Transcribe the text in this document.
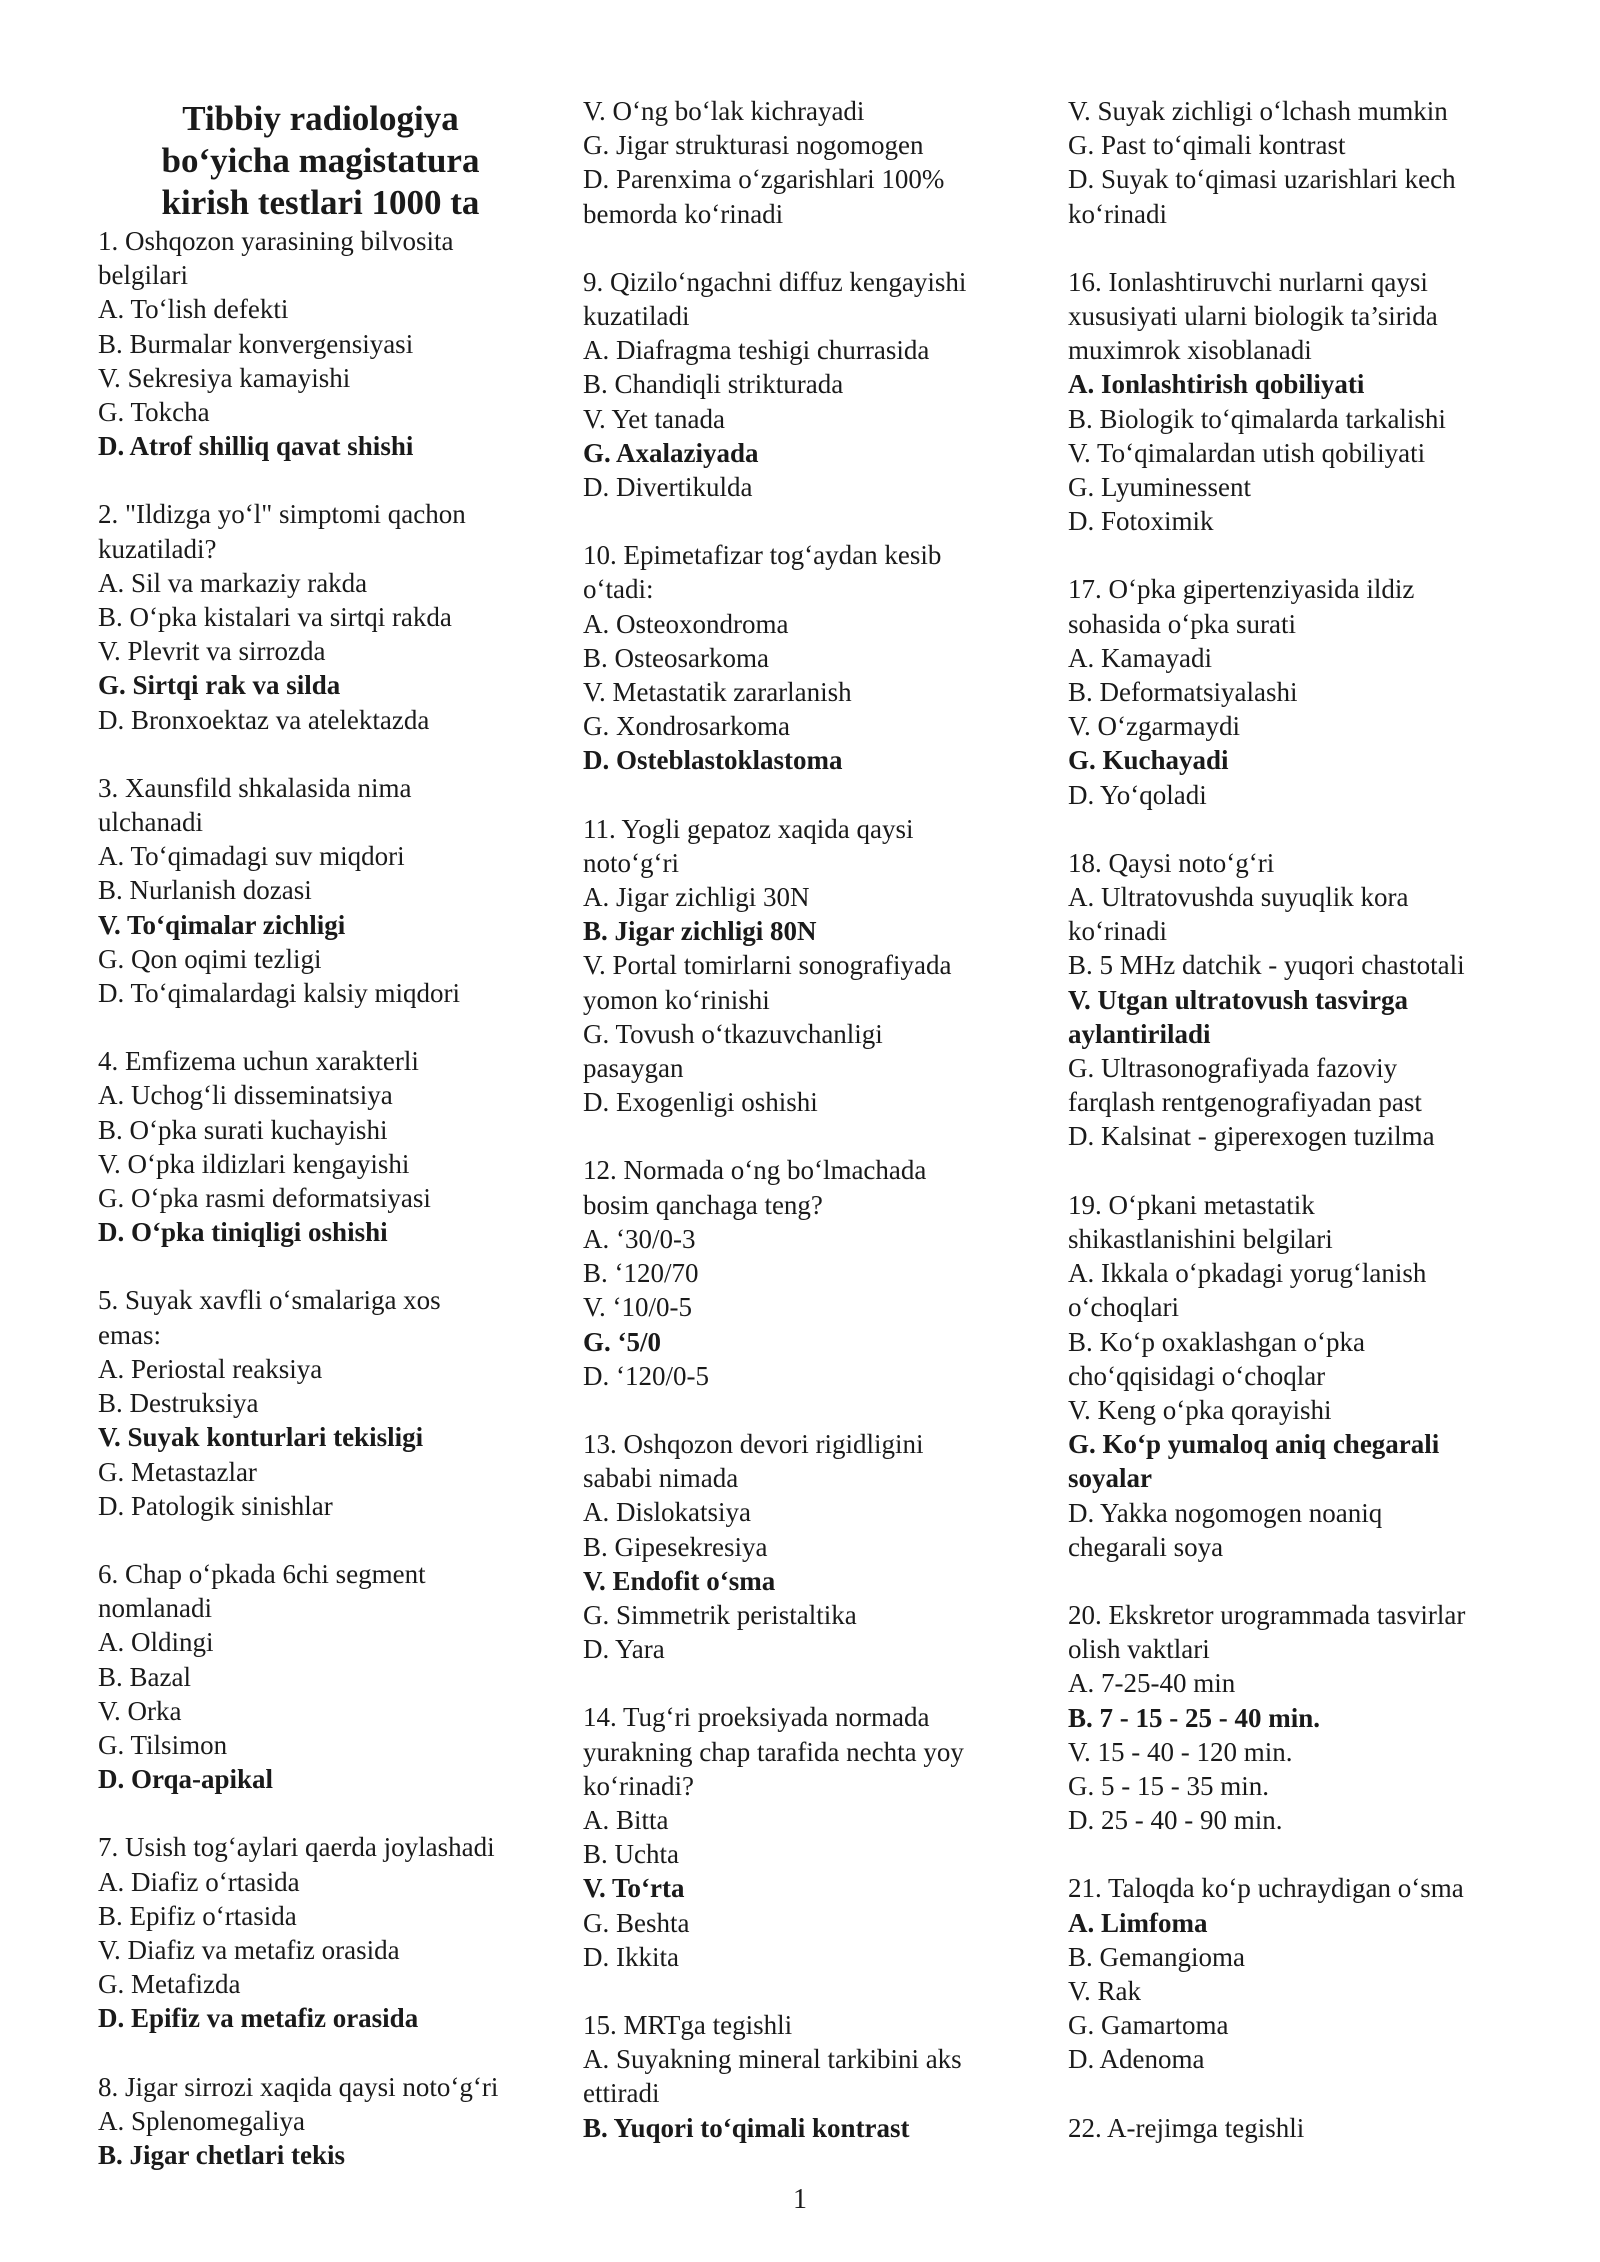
Tibbiy radiologiya
bo‘yicha magistatura
kirish testlari 1000 ta
1. Oshqozon yarasining bilvosita
belgilari
A. To‘lish defekti
B. Burmalar konvergensiyasi
V. Sekresiya kamayishi
G. Tokcha
D. Atrof shilliq qavat shishi
2. "Ildizga yo‘l" simptomi qachon
kuzatiladi?
A. Sil va markaziy rakda
B. O‘pka kistalari va sirtqi rakda
V. Plevrit va sirrozda
G. Sirtqi rak va silda
D. Bronxoektaz va atelektazda
3. Xaunsfild shkalasida nima
ulchanadi
A. To‘qimadagi suv miqdori
B. Nurlanish dozasi
V. To‘qimalar zichligi
G. Qon oqimi tezligi
D. To‘qimalardagi kalsiy miqdori
4. Emfizema uchun xarakterli
A. Uchog‘li disseminatsiya
B. O‘pka surati kuchayishi
V. O‘pka ildizlari kengayishi
G. O‘pka rasmi deformatsiyasi
D. O‘pka tiniqligi oshishi
5. Suyak xavfli o‘smalariga xos
emas:
A. Periostal reaksiya
B. Destruksiya
V. Suyak konturlari tekisligi
G. Metastazlar
D. Patologik sinishlar
6. Chap o‘pkada 6chi segment
nomlanadi
A. Oldingi
B. Bazal
V. Orka
G. Tilsimon
D. Orqa-apikal
7. Usish tog‘aylari qaerda joylashadi
A. Diafiz o‘rtasida
B. Epifiz o‘rtasida
V. Diafiz va metafiz orasida
G. Metafizda
D. Epifiz va metafiz orasida
8. Jigar sirrozi xaqida qaysi noto‘g‘ri
A. Splenomegaliya
B. Jigar chetlari tekis
V. O‘ng bo‘lak kichrayadi
G. Jigar strukturasi nogomogen
D. Parenxima o‘zgarishlari 100%
bemorda ko‘rinadi
9. Qizilo‘ngachni diffuz kengayishi
kuzatiladi
A. Diafragma teshigi churrasida
B. Chandiqli strikturada
V. Yet tanada
G. Axalaziyada
D. Divertikulda
10. Epimetafizar tog‘aydan kesib
o‘tadi:
A. Osteoxondroma
B. Osteosarkoma
V. Metastatik zararlanish
G. Xondrosarkoma
D. Osteblastoklastoma
11. Yogli gepatoz xaqida qaysi
noto‘g‘ri
A. Jigar zichligi 30N
B. Jigar zichligi 80N
V. Portal tomirlarni sonografiyada
yomon ko‘rinishi
G. Tovush o‘tkazuvchanligi
pasaygan
D. Exogenligi oshishi
12. Normada o‘ng bo‘lmachada
bosim qanchaga teng?
A. ‘30/0-3
B. ‘120/70
V. ‘10/0-5
G. ‘5/0
D. ‘120/0-5
13. Oshqozon devori rigidligini
sababi nimada
A. Dislokatsiya
B. Gipesekresiya
V. Endofit o‘sma
G. Simmetrik peristaltika
D. Yara
14. Tug‘ri proeksiyada normada
yurakning chap tarafida nechta yoy
ko‘rinadi?
A. Bitta
B. Uchta
V. To‘rta
G. Beshta
D. Ikkita
15. MRTga tegishli
A. Suyakning mineral tarkibini aks
ettiradi
B. Yuqori to‘qimali kontrast
V. Suyak zichligi o‘lchash mumkin
G. Past to‘qimali kontrast
D. Suyak to‘qimasi uzarishlari kech
ko‘rinadi
16. Ionlashtiruvchi nurlarni qaysi
xususiyati ularni biologik ta’sirida
muximrok xisoblanadi
A. Ionlashtirish qobiliyati
B. Biologik to‘qimalarda tarkalishi
V. To‘qimalardan utish qobiliyati
G. Lyuminessent
D. Fotoximik
17. O‘pka gipertenziyasida ildiz
sohasida o‘pka surati
A. Kamayadi
B. Deformatsiyalashi
V. O‘zgarmaydi
G. Kuchayadi
D. Yo‘qoladi
18. Qaysi noto‘g‘ri
A. Ultratovushda suyuqlik kora
ko‘rinadi
B. 5 MHz datchik - yuqori chastotali
V. Utgan ultratovush tasvirga
aylantiriladi
G. Ultrasonografiyada fazoviy
farqlash rentgenografiyadan past
D. Kalsinat - giperexogen tuzilma
19. O‘pkani metastatik
shikastlanishini belgilari
A. Ikkala o‘pkadagi yorug‘lanish
o‘choqlari
B. Ko‘p oxaklashgan o‘pka
cho‘qqisidagi o‘choqlar
V. Keng o‘pka qorayishi
G. Ko‘p yumaloq aniq chegarali
soyalar
D. Yakka nogomogen noaniq
chegarali soya
20. Ekskretor urogrammada tasvirlar
olish vaktlari
A. 7-25-40 min
B. 7 - 15 - 25 - 40 min.
V. 15 - 40 - 120 min.
G. 5 - 15 - 35 min.
D. 25 - 40 - 90 min.
21. Taloqda ko‘p uchraydigan o‘sma
A. Limfoma
B. Gemangioma
V. Rak
G. Gamartoma
D. Adenoma
22. A-rejimga tegishli
1
